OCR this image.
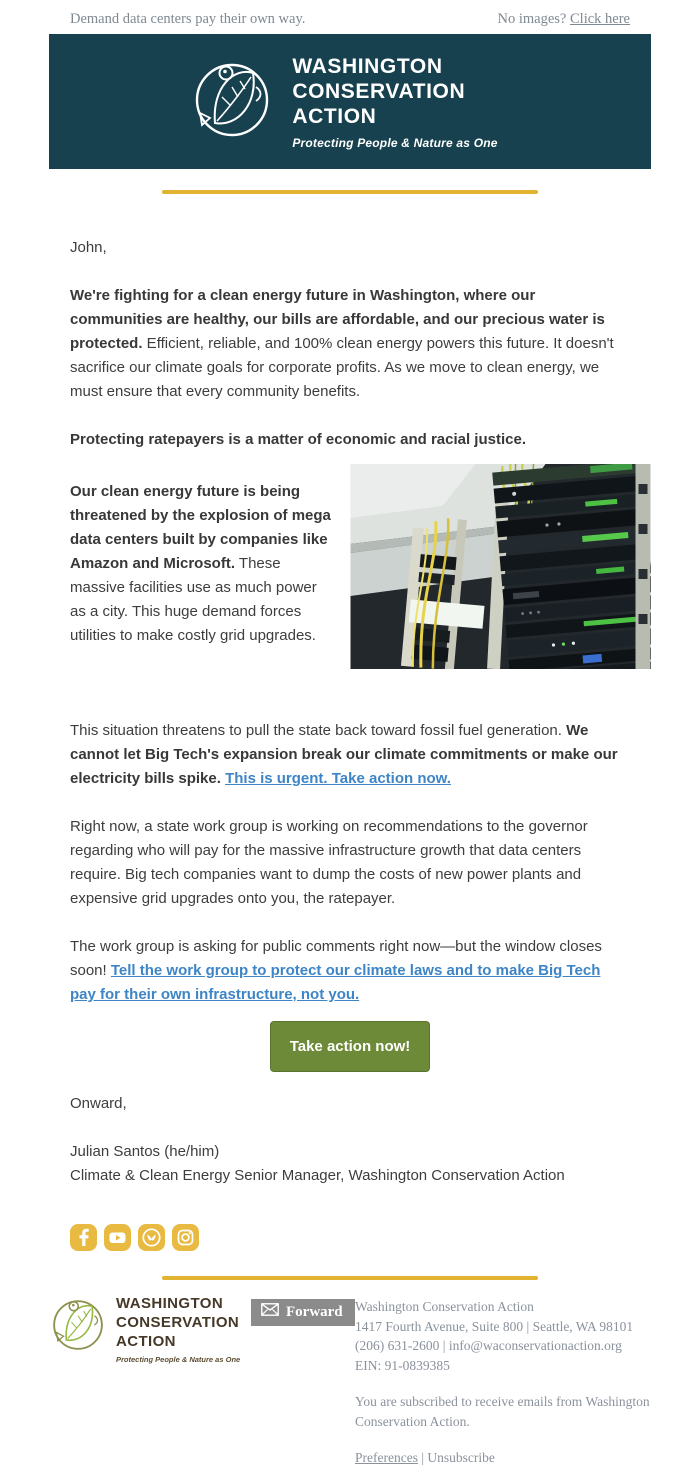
Demand data centers pay their own way.	No images? Click here
WASHINGTON
CONSERVATION
ACTION
Protecting People & Nature as One
John,
We're fighting for a clean energy future in Washington, where our communities are healthy, our bills are affordable, and our precious water is protected. Efficient, reliable, and 100% clean energy powers this future. It doesn't sacrifice our climate goals for corporate profits. As we move to clean energy, we must ensure that every community benefits.
Protecting ratepayers is a matter of economic and racial justice.
Our clean energy future is being threatened by the explosion of mega data centers built by companies like Amazon and Microsoft. These massive facilities use as much power as a city. This huge demand forces utilities to make costly grid upgrades.
This situation threatens to pull the state back toward fossil fuel generation. We cannot let Big Tech's expansion break our climate commitments or make our electricity bills spike. This is urgent. Take action now.
Right now, a state work group is working on recommendations to the governor regarding who will pay for the massive infrastructure growth that data centers require. Big tech companies want to dump the costs of new power plants and expensive grid upgrades onto you, the ratepayer.
The work group is asking for public comments right now—but the window closes soon! Tell the work group to protect our climate laws and to make Big Tech pay for their own infrastructure, not you.
Take action now!
Onward,
Julian Santos (he/him)
Climate & Clean Energy Senior Manager, Washington Conservation Action
WASHINGTON
CONSERVATION
ACTION
Protecting People & Nature as One
Forward Washington Conservation Action
1417 Fourth Avenue, Suite 800 | Seattle, WA 98101
(206) 631-2600 | info@waconservationaction.org
EIN: 91-0839385
You are subscribed to receive emails from Washington Conservation Action.
Preferences | Unsubscribe
